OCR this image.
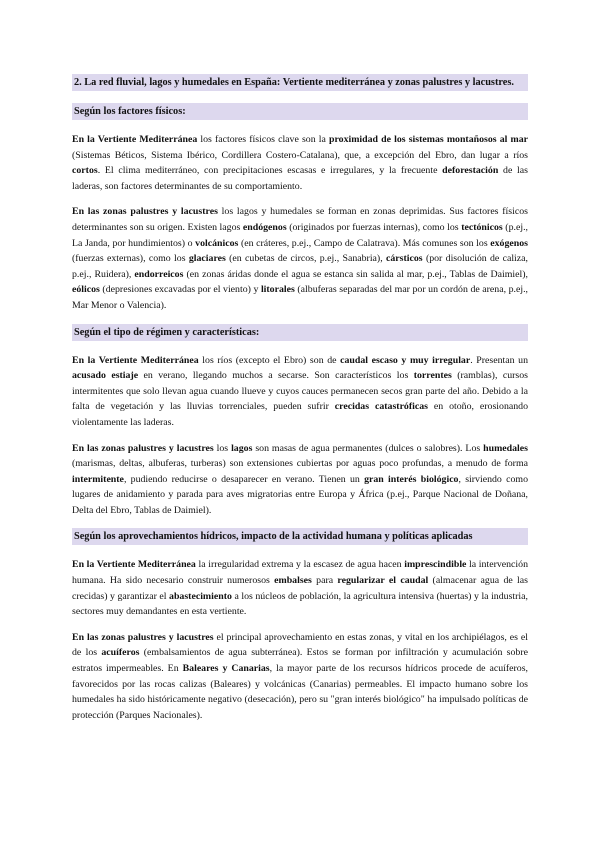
2. La red fluvial, lagos y humedales en España: Vertiente mediterránea y zonas palustres y lacustres.
Según los factores físicos:

En la Vertiente Mediterránea los factores físicos clave son la proximidad de los sistemas montañosos al mar (Sistemas Béticos, Sistema Ibérico, Cordillera Costero-Catalana), que, a excepción del Ebro, dan lugar a ríos cortos. El clima mediterráneo, con precipitaciones escasas e irregulares, y la frecuente deforestación de las laderas, son factores determinantes de su comportamiento.

En las zonas palustres y lacustres los lagos y humedales se forman en zonas deprimidas. Sus factores físicos determinantes son su origen. Existen lagos endógenos (originados por fuerzas internas), como los tectónicos (p.ej., La Janda, por hundimientos) o volcánicos (en cráteres, p.ej., Campo de Calatrava). Más comunes son los exógenos (fuerzas externas), como los glaciares (en cubetas de circos, p.ej., Sanabria), cársticos (por disolución de caliza, p.ej., Ruidera), endorreicos (en zonas áridas donde el agua se estanca sin salida al mar, p.ej., Tablas de Daimiel), eólicos (depresiones excavadas por el viento) y litorales (albuferas separadas del mar por un cordón de arena, p.ej., Mar Menor o Valencia).

Según el tipo de régimen y características:

En la Vertiente Mediterránea los ríos (excepto el Ebro) son de caudal escaso y muy irregular. Presentan un acusado estiaje en verano, llegando muchos a secarse. Son característicos los torrentes (ramblas), cursos intermitentes que solo llevan agua cuando llueve y cuyos cauces permanecen secos gran parte del año. Debido a la falta de vegetación y las lluvias torrenciales, pueden sufrir crecidas catastróficas en otoño, erosionando violentamente las laderas.

En las zonas palustres y lacustres los lagos son masas de agua permanentes (dulces o salobres). Los humedales (marismas, deltas, albuferas, turberas) son extensiones cubiertas por aguas poco profundas, a menudo de forma intermitente, pudiendo reducirse o desaparecer en verano. Tienen un gran interés biológico, sirviendo como lugares de anidamiento y parada para aves migratorias entre Europa y África (p.ej., Parque Nacional de Doñana, Delta del Ebro, Tablas de Daimiel).

Según los aprovechamientos hídricos, impacto de la actividad humana y políticas aplicadas

En la Vertiente Mediterránea la irregularidad extrema y la escasez de agua hacen imprescindible la intervención humana. Ha sido necesario construir numerosos embalses para regularizar el caudal (almacenar agua de las crecidas) y garantizar el abastecimiento a los núcleos de población, la agricultura intensiva (huertas) y la industria, sectores muy demandantes en esta vertiente.

En las zonas palustres y lacustres el principal aprovechamiento en estas zonas, y vital en los archipiélagos, es el de los acuíferos (embalsamientos de agua subterránea). Estos se forman por infiltración y acumulación sobre estratos impermeables. En Baleares y Canarias, la mayor parte de los recursos hídricos procede de acuíferos, favorecidos por las rocas calizas (Baleares) y volcánicas (Canarias) permeables. El impacto humano sobre los humedales ha sido históricamente negativo (desecación), pero su "gran interés biológico" ha impulsado políticas de protección (Parques Nacionales).
